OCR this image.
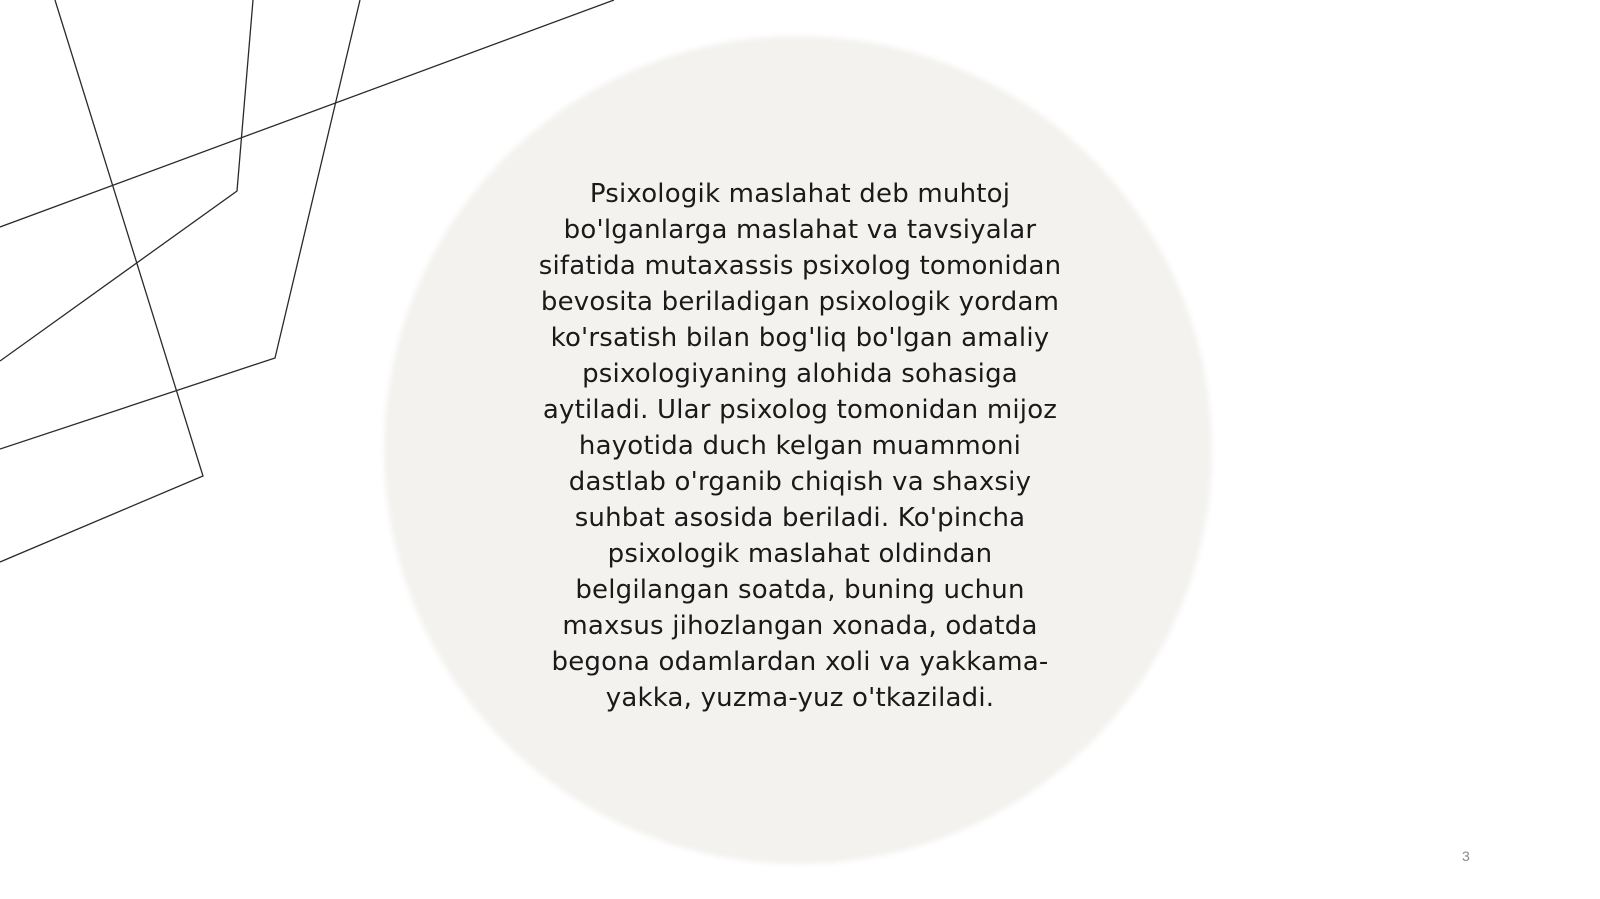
Psixologik maslahat deb muhtoj
bo'lganlarga maslahat va tavsiyalar
sifatida mutaxassis psixolog tomonidan
bevosita beriladigan psixologik yordam
ko'rsatish bilan bog'liq bo'lgan amaliy
psixologiyaning alohida sohasiga
aytiladi. Ular psixolog tomonidan mijoz
hayotida duch kelgan muammoni
dastlab o'rganib chiqish va shaxsiy
suhbat asosida beriladi. Ko'pincha
psixologik maslahat oldindan
belgilangan soatda, buning uchun
maxsus jihozlangan xonada, odatda
begona odamlardan xoli va yakkama-
yakka, yuzma-yuz o'tkaziladi.

3
